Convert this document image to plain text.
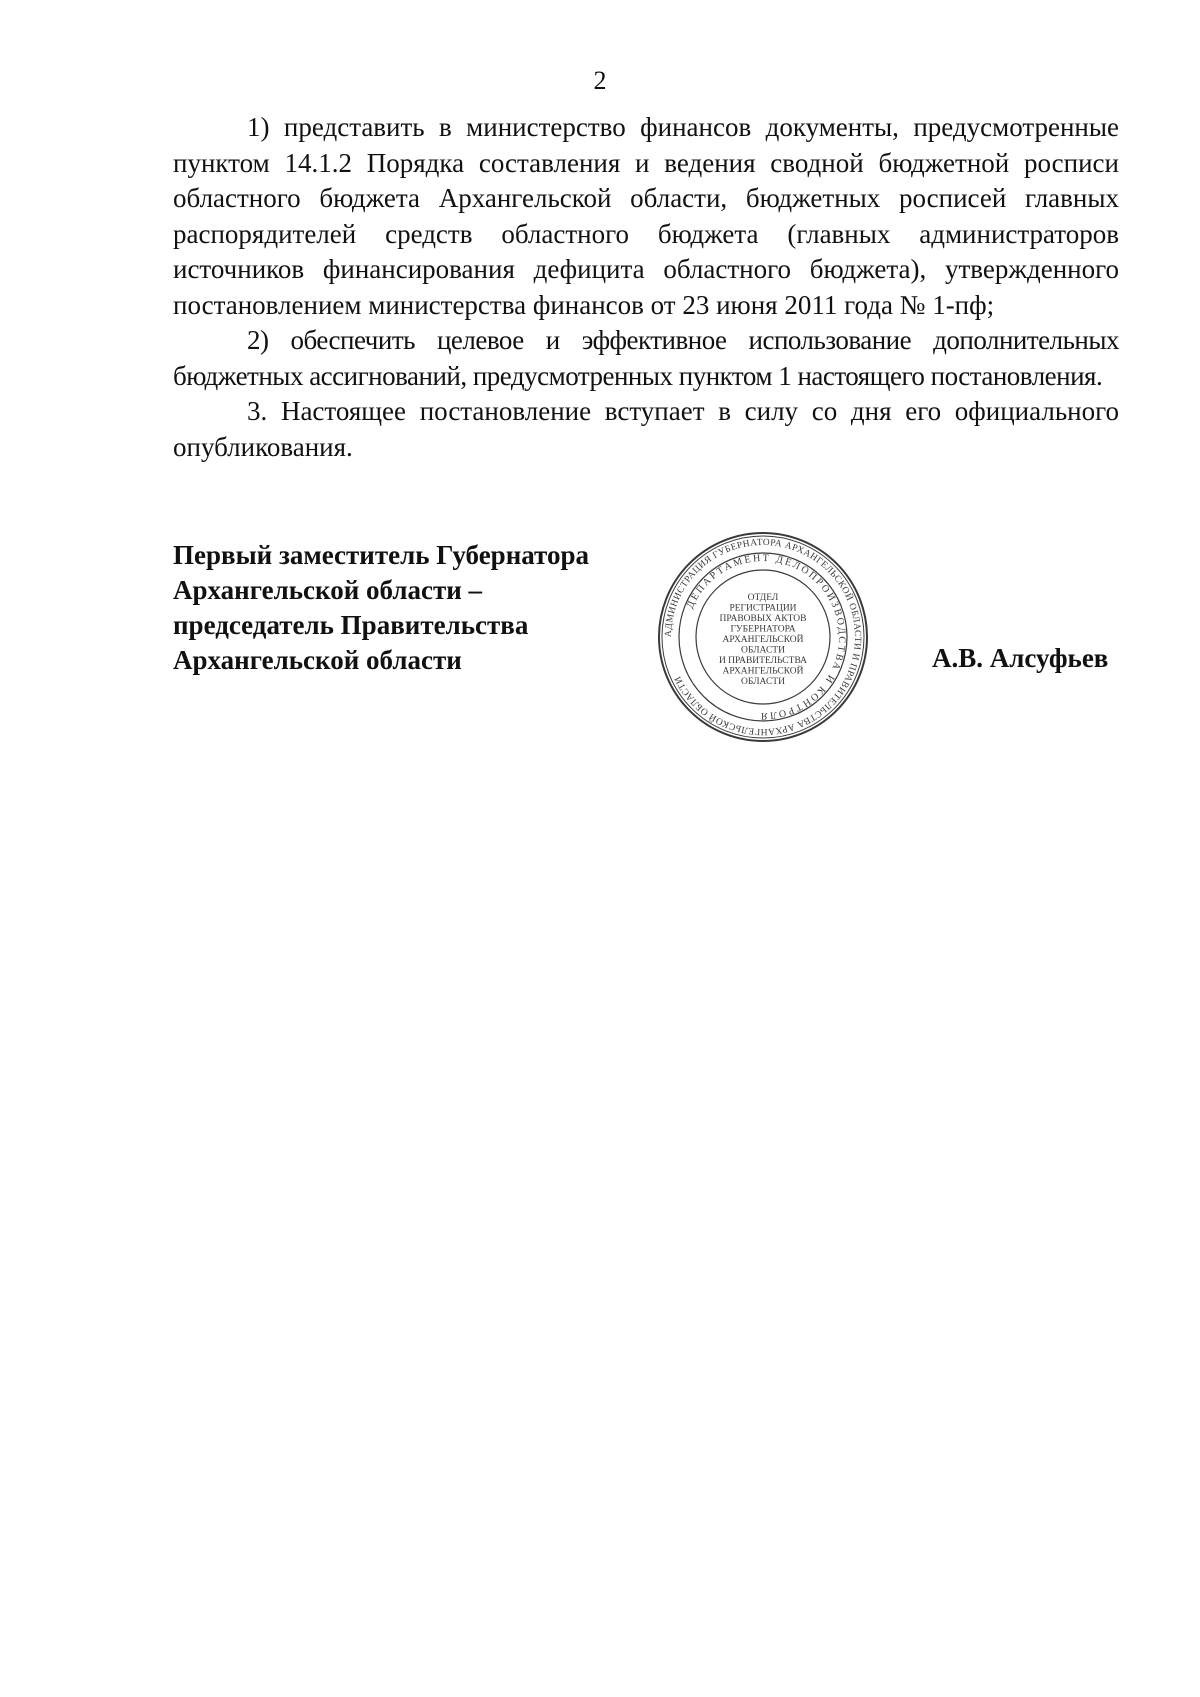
2

1) представить в министерство финансов документы, предусмотренные пунктом 14.1.2 Порядка составления и ведения сводной бюджетной росписи областного бюджета Архангельской области, бюджетных росписей главных распорядителей средств областного бюджета (главных администраторов источников финансирования дефицита областного бюджета), утвержденного постановлением министерства финансов от 23 июня 2011 года № 1-пф;

2) обеспечить целевое и эффективное использование дополнительных бюджетных ассигнований, предусмотренных пунктом 1 настоящего постановления.

3. Настоящее постановление вступает в силу со дня его официального опубликования.

Первый заместитель Губернатора
Архангельской области –
председатель Правительства
Архангельской области
АДМИНИСТРАЦИЯ ГУБЕРНАТОРА АРХАНГЕЛЬСКОЙ ОБЛАСТИ И ПРАВИТЕЛЬСТВА АРХАНГЕЛЬСКОЙ ОБЛАСТИ
ДЕПАРТАМЕНТ ДЕЛОПРОИЗВОДСТВА И КОНТРОЛЯ
ОТДЕЛ
РЕГИСТРАЦИИ
ПРАВОВЫХ АКТОВ
ГУБЕРНАТОРА
АРХАНГЕЛЬСКОЙ
ОБЛАСТИ
И ПРАВИТЕЛЬСТВА
АРХАНГЕЛЬСКОЙ
ОБЛАСТИ
А.В. Алсуфьев
